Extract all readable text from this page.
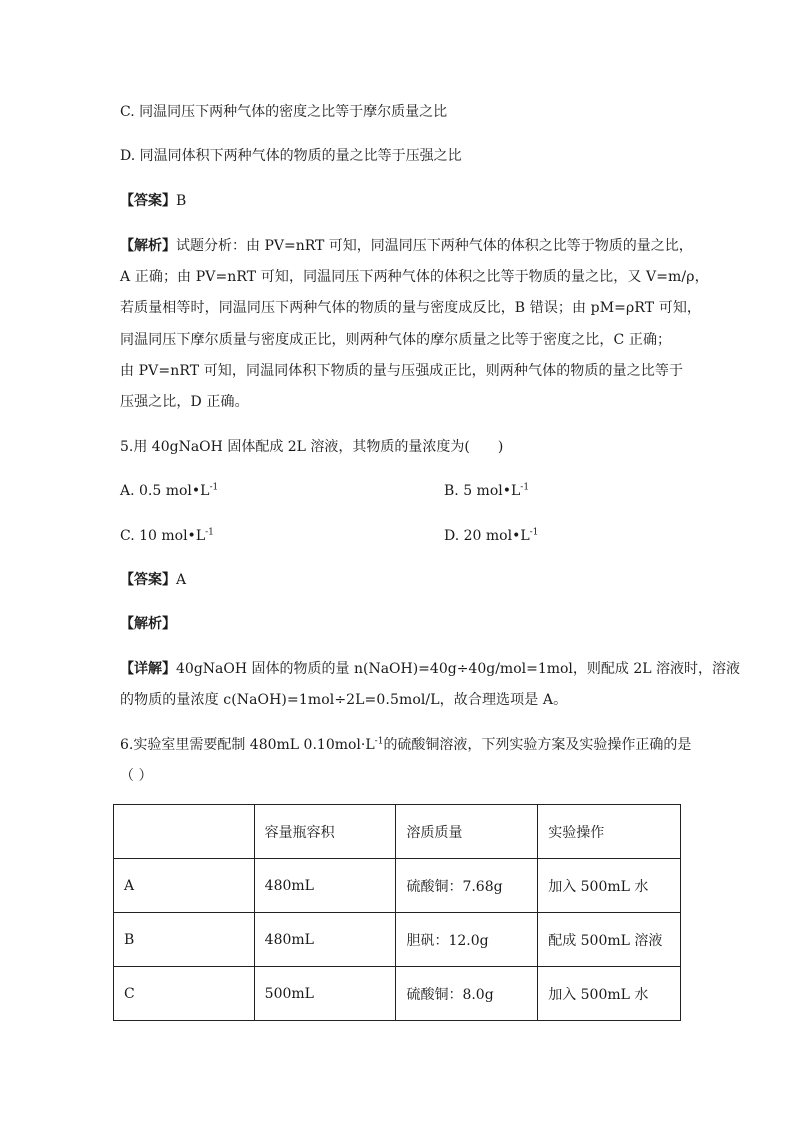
C. 同温同压下两种气体的密度之比等于摩尔质量之比
D. 同温同体积下两种气体的物质的量之比等于压强之比
【答案】B
【解析】试题分析：由 PV=nRT 可知，同温同压下两种气体的体积之比等于物质的量之比，
A 正确；由 PV=nRT 可知，同温同压下两种气体的体积之比等于物质的量之比，又 V=m/ρ，
若质量相等时，同温同压下两种气体的物质的量与密度成反比，B 错误；由 pM=ρRT 可知，
同温同压下摩尔质量与密度成正比，则两种气体的摩尔质量之比等于密度之比，C 正确；
由 PV=nRT 可知，同温同体积下物质的量与压强成正比，则两种气体的物质的量之比等于
压强之比，D 正确。
5.用 40gNaOH 固体配成 2L 溶液，其物质的量浓度为(　　)
A. 0.5 $mol•L^{-1}$	B. 5 $mol•L^{-1}$
C. 10 $mol•L^{-1}$	D. 20 $mol•L^{-1}$
【答案】A
【解析】
【详解】40gNaOH 固体的物质的量 n(NaOH)=40g÷40g/mol=1mol，则配成 2L 溶液时，溶液
的物质的量浓度 c(NaOH)=1mol÷2L=0.5mol/L，故合理选项是 A。
6.实验室里需要配制 480mL $0.10mol\cdot L^{-1}$的硫酸铜溶液，下列实验方案及实验操作正确的是
（ ）
	容量瓶容积	溶质质量	实验操作
A	480mL	硫酸铜：7.68g	加入 500mL 水
B	480mL	胆矾：12.0g	配成 500mL 溶液
C	500mL	硫酸铜：8.0g	加入 500mL 水
